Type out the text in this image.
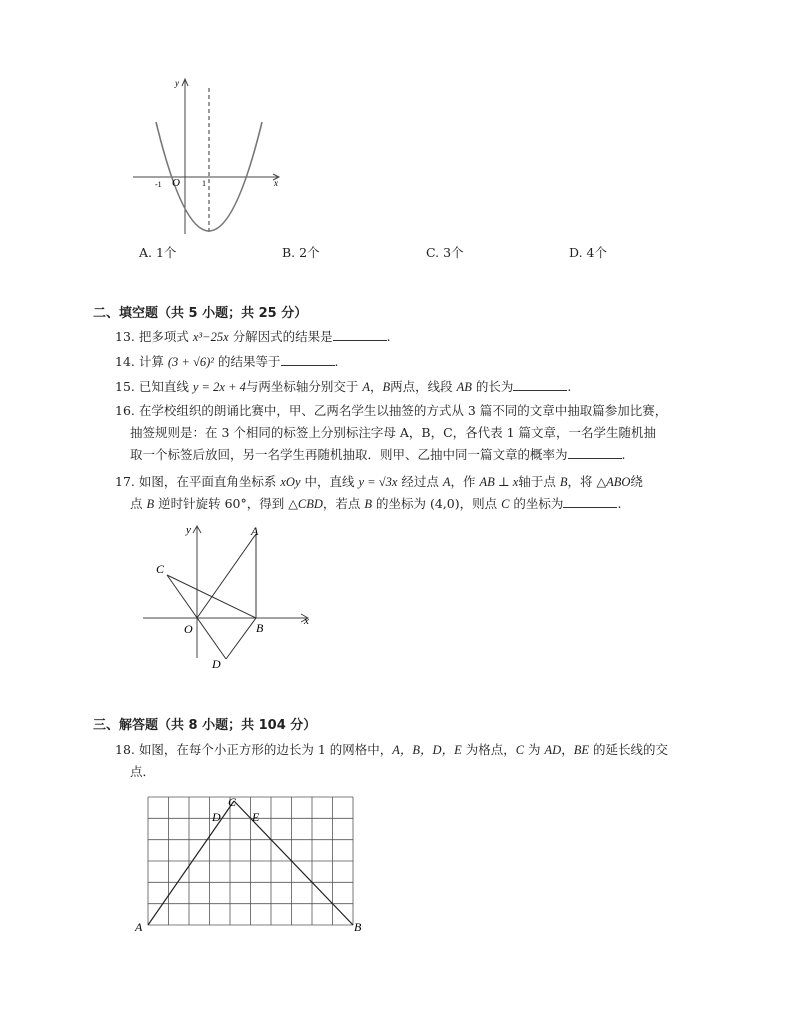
y
x
O
-1	1
A. 1个	B. 2个	C. 3个	D. 4个
二、填空题（共 5 小题；共 25 分）
13. 把多项式 x³−25x 分解因式的结果是	.
14. 计算 (3 + √6)² 的结果等于	.
15. 已知直线 y = 2x + 4与两坐标轴分别交于 A，B两点，线段 AB 的长为	.
16. 在学校组织的朗诵比赛中，甲、乙两名学生以抽签的方式从 3 篇不同的文章中抽取篇参加比赛，
抽签规则是：在 3 个相同的标签上分别标注字母 A，B，C，各代表 1 篇文章，一名学生随机抽
取一个标签后放回，另一名学生再随机抽取．则甲、乙抽中同一篇文章的概率为	.
17. 如图，在平面直角坐标系 xOy 中，直线 y = √3x 经过点 A，作 AB ⊥ x轴于点 B，将 △ABO绕
点 B 逆时针旋转 60°，得到 △CBD，若点 B 的坐标为 (4,0)，则点 C 的坐标为	.
y
x
A
B
C
D
O
三、解答题（共 8 小题；共 104 分）
18. 如图，在每个小正方形的边长为 1 的网格中，A，B，D，E 为格点，C 为 AD，BE 的延长线的交
点．
A	B
C
D	E
